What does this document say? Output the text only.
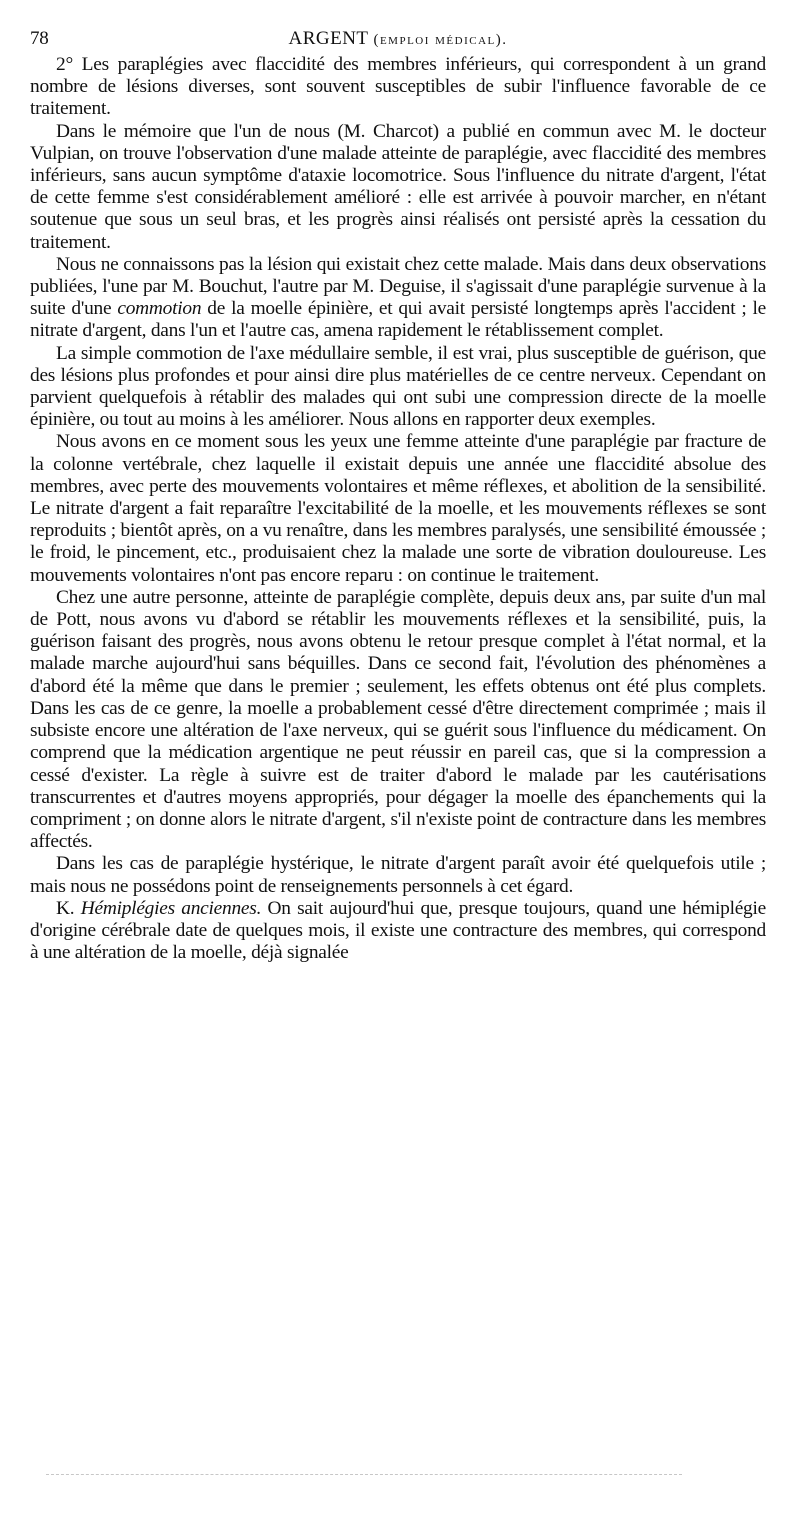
78	ARGENT (emploi médical).

2° Les paraplégies avec flaccidité des membres inférieurs, qui correspondent à un grand nombre de lésions diverses, sont souvent susceptibles de subir l'influence favorable de ce traitement.

Dans le mémoire que l'un de nous (M. Charcot) a publié en commun avec M. le docteur Vulpian, on trouve l'observation d'une malade atteinte de paraplégie, avec flaccidité des membres inférieurs, sans aucun symptôme d'ataxie locomotrice. Sous l'influence du nitrate d'argent, l'état de cette femme s'est considérablement amélioré : elle est arrivée à pouvoir marcher, en n'étant soutenue que sous un seul bras, et les progrès ainsi réalisés ont persisté après la cessation du traitement.

Nous ne connaissons pas la lésion qui existait chez cette malade. Mais dans deux observations publiées, l'une par M. Bouchut, l'autre par M. Deguise, il s'agissait d'une paraplégie survenue à la suite d'une commotion de la moelle épinière, et qui avait persisté longtemps après l'accident ; le nitrate d'argent, dans l'un et l'autre cas, amena rapidement le rétablissement complet.

La simple commotion de l'axe médullaire semble, il est vrai, plus susceptible de guérison, que des lésions plus profondes et pour ainsi dire plus matérielles de ce centre nerveux. Cependant on parvient quelquefois à rétablir des malades qui ont subi une compression directe de la moelle épinière, ou tout au moins à les améliorer. Nous allons en rapporter deux exemples.

Nous avons en ce moment sous les yeux une femme atteinte d'une paraplégie par fracture de la colonne vertébrale, chez laquelle il existait depuis une année une flaccidité absolue des membres, avec perte des mouvements volontaires et même réflexes, et abolition de la sensibilité. Le nitrate d'argent a fait reparaître l'excitabilité de la moelle, et les mouvements réflexes se sont reproduits ; bientôt après, on a vu renaître, dans les membres paralysés, une sensibilité émoussée ; le froid, le pincement, etc., produisaient chez la malade une sorte de vibration douloureuse. Les mouvements volontaires n'ont pas encore reparu : on continue le traitement.

Chez une autre personne, atteinte de paraplégie complète, depuis deux ans, par suite d'un mal de Pott, nous avons vu d'abord se rétablir les mouvements réflexes et la sensibilité, puis, la guérison faisant des progrès, nous avons obtenu le retour presque complet à l'état normal, et la malade marche aujourd'hui sans béquilles. Dans ce second fait, l'évolution des phénomènes a d'abord été la même que dans le premier ; seulement, les effets obtenus ont été plus complets. Dans les cas de ce genre, la moelle a probablement cessé d'être directement comprimée ; mais il subsiste encore une altération de l'axe nerveux, qui se guérit sous l'influence du médicament. On comprend que la médication argentique ne peut réussir en pareil cas, que si la compression a cessé d'exister. La règle à suivre est de traiter d'abord le malade par les cautérisations transcurrentes et d'autres moyens appropriés, pour dégager la moelle des épanchements qui la compriment ; on donne alors le nitrate d'argent, s'il n'existe point de contracture dans les membres affectés.

Dans les cas de paraplégie hystérique, le nitrate d'argent paraît avoir été quelquefois utile ; mais nous ne possédons point de renseignements personnels à cet égard.

K. Hémiplégies anciennes. On sait aujourd'hui que, presque toujours, quand une hémiplégie d'origine cérébrale date de quelques mois, il existe une contracture des membres, qui correspond à une altération de la moelle, déjà signalée
